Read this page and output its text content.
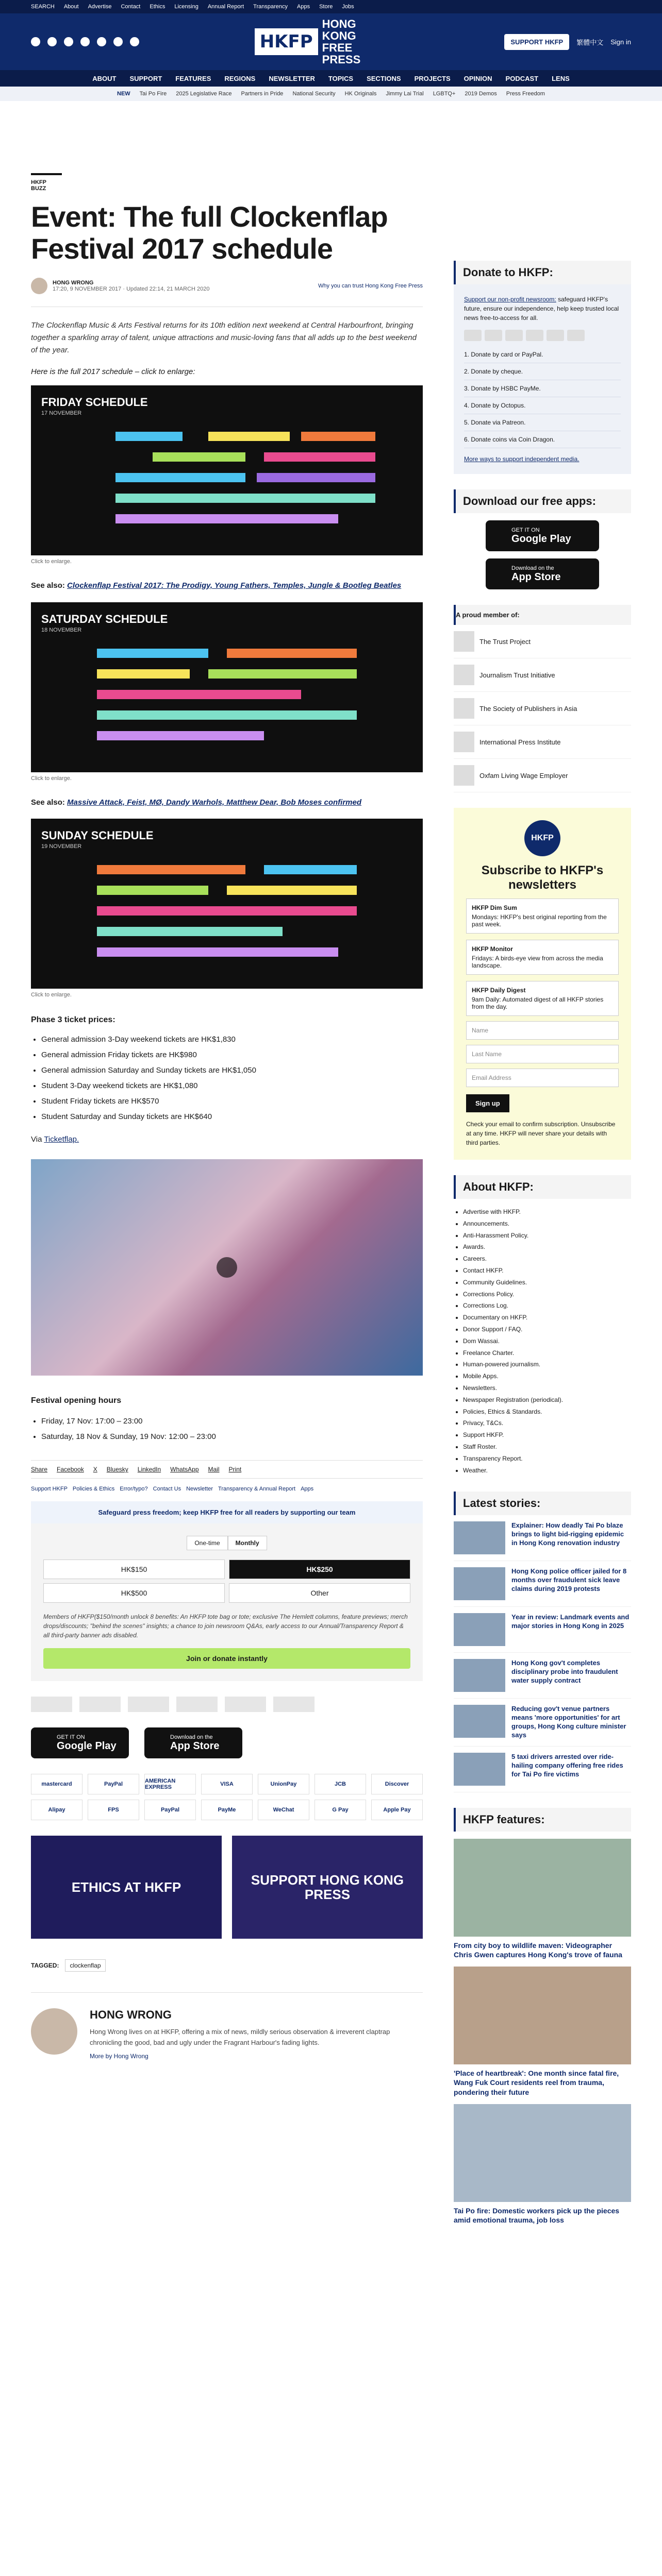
SEARCH About Advertise Contact Ethics Licensing Annual Report Transparency Apps Store Jobs
HKFP
HONG KONG FREE PRESS
SUPPORT HKFP	繁體中文 Sign in
ABOUT SUPPORT FEATURES REGIONS NEWSLETTER TOPICS SECTIONS PROJECTS OPINION PODCAST LENS
NEW Tai Po Fire 2025 Legislative Race Partners in Pride National Security HK Originals Jimmy Lai Trial LGBTQ+ 2019 Demos Press Freedom
HKFP BUZZ
Event: The full Clockenflap Festival 2017 schedule
HONG WRONG
17:20, 9 NOVEMBER 2017 · Updated 22:14, 21 MARCH 2020	Why you can trust Hong Kong Free Press

The Clockenflap Music & Arts Festival returns for its 10th edition next weekend at Central Harbourfront, bringing together a sparkling array of talent, unique attractions and music-loving fans that all adds up to the best weekend of the year.

Here is the full 2017 schedule – click to enlarge:

FRIDAY SCHEDULE
17 NOVEMBER
Click to enlarge.
See also: Clockenflap Festival 2017: The Prodigy, Young Fathers, Temples, Jungle & Bootleg Beatles
SATURDAY SCHEDULE
18 NOVEMBER
Click to enlarge.
See also: Massive Attack, Feist, MØ, Dandy Warhols, Matthew Dear, Bob Moses confirmed
SUNDAY SCHEDULE
19 NOVEMBER
Click to enlarge.
Phase 3 ticket prices:
• General admission 3-Day weekend tickets are HK$1,830
• General admission Friday tickets are HK$980
• General admission Saturday and Sunday tickets are HK$1,050
• Student 3-Day weekend tickets are HK$1,080
• Student Friday tickets are HK$570
• Student Saturday and Sunday tickets are HK$640

Via Ticketflap.

Festival opening hours
• Friday, 17 Nov: 17:00 – 23:00
• Saturday, 18 Nov & Sunday, 19 Nov: 12:00 – 23:00
Share Facebook X Bluesky LinkedIn WhatsApp Mail Print
Support HKFP Policies & Ethics Error/typo? Contact Us Newsletter Transparency & Annual Report Apps
Safeguard press freedom; keep HKFP free for all readers by supporting our team
One-time	Monthly
HK$150	HK$250
HK$500	Other

Members of HKFP($150/month unlock 8 benefits: An HKFP tote bag or tote; exclusive The Hemlett columns, feature previews; merch drops/discounts; "behind the scenes" insights; a chance to join newsroom Q&As, early access to our Annual/Transparency Report & all third-party banner ads disabled.

Join or donate instantly
GET IT ON
Google Play
Download on the
App Store
mastercard	PayPal	AMERICAN EXPRESS	VISA	UnionPay	JCB	Discover
Alipay	FPS	PayPal	PayMe	WeChat	G Pay	Apple Pay
ETHICS AT HKFP	SUPPORT HONG KONG PRESS
TAGGED:	clockenflap
HONG WRONG

Hong Wrong lives on at HKFP, offering a mix of news, mildly serious observation & irreverent claptrap chronicling the good, bad and ugly under the Fragrant Harbour's fading lights.

More by Hong Wrong
Donate to HKFP:

Support our non-profit newsroom: safeguard HKFP's future, ensure our independence, help keep trusted local news free-to-access for all.

1. Donate by card or PayPal.
2. Donate by cheque.
3. Donate by HSBC PayMe.
4. Donate by Octopus.
5. Donate via Patreon.
6. Donate coins via Coin Dragon.

More ways to support independent media.

Download our free apps:
GET IT ON
Google Play
Download on the
App Store
A proud member of:
The Trust Project
Journalism Trust Initiative
The Society of Publishers in Asia
International Press Institute
Oxfam Living Wage Employer
HKFP
Subscribe to HKFP's newsletters
HKFP Dim Sum
Mondays: HKFP's best original reporting from the past week.
HKFP Monitor
Fridays: A birds-eye view from across the media landscape.
HKFP Daily Digest
9am Daily: Automated digest of all HKFP stories from the day.
Name
Last Name
Email Address
Sign up

Check your email to confirm subscription. Unsubscribe at any time. HKFP will never share your details with third parties.

About HKFP:
• Advertise with HKFP.
• Announcements.
• Anti-Harassment Policy.
• Awards.
• Careers.
• Contact HKFP.
• Community Guidelines.
• Corrections Policy.
• Corrections Log.
• Documentary on HKFP.
• Donor Support / FAQ.
• Dom Wassai.
• Freelance Charter.
• Human-powered journalism.
• Mobile Apps.
• Newsletters.
• Newspaper Registration (periodical).
• Policies, Ethics & Standards.
• Privacy, T&Cs.
• Support HKFP.
• Staff Roster.
• Transparency Report.
• Weather.
Latest stories:
Explainer: How deadly Tai Po blaze brings to light bid-rigging epidemic in Hong Kong renovation industry
Hong Kong police officer jailed for 8 months over fraudulent sick leave claims during 2019 protests
Year in review: Landmark events and major stories in Hong Kong in 2025
Hong Kong gov't completes disciplinary probe into fraudulent water supply contract
Reducing gov't venue partners means 'more opportunities' for art groups, Hong Kong culture minister says
5 taxi drivers arrested over ride-hailing company offering free rides for Tai Po fire victims
HKFP features:
From city boy to wildlife maven: Videographer Chris Gwen captures Hong Kong's trove of fauna
'Place of heartbreak': One month since fatal fire, Wang Fuk Court residents reel from trauma, pondering their future
Tai Po fire: Domestic workers pick up the pieces amid emotional trauma, job loss
